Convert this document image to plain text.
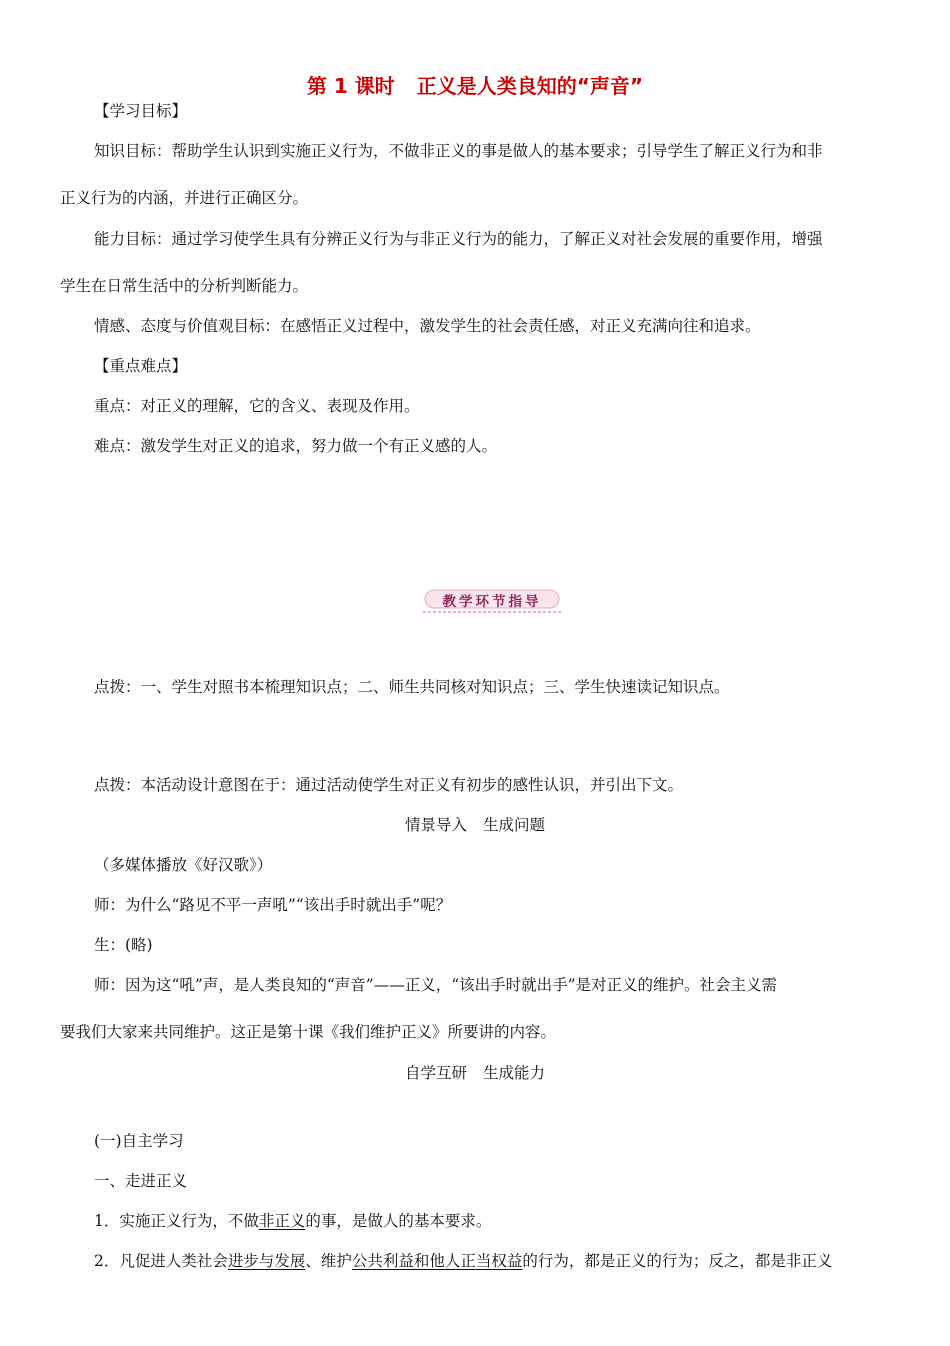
第 1 课时 正义是人类良知的“声音”
【学习目标】
知识目标：帮助学生认识到实施正义行为，不做非正义的事是做人的基本要求；引导学生了解正义行为和非
正义行为的内涵，并进行正确区分。
能力目标：通过学习使学生具有分辨正义行为与非正义行为的能力，了解正义对社会发展的重要作用，增强
学生在日常生活中的分析判断能力。
情感、态度与价值观目标：在感悟正义过程中，激发学生的社会责任感，对正义充满向往和追求。
【重点难点】
重点：对正义的理解，它的含义、表现及作用。
难点：激发学生对正义的追求，努力做一个有正义感的人。
教学环节指导
点拨：一、学生对照书本梳理知识点；二、师生共同核对知识点；三、学生快速读记知识点。
点拨：本活动设计意图在于：通过活动使学生对正义有初步的感性认识，并引出下文。
情景导入 生成问题
（多媒体播放《好汉歌》）
师：为什么“路见不平一声吼”“该出手时就出手”呢？
生：(略)
师：因为这“吼”声，是人类良知的“声音”——正义，“该出手时就出手”是对正义的维护。社会主义需
要我们大家来共同维护。这正是第十课《我们维护正义》所要讲的内容。
自学互研 生成能力
(一)自主学习
一、走进正义
1．实施正义行为，不做非正义的事，是做人的基本要求。
2．凡促进人类社会进步与发展、维护公共利益和他人正当权益的行为，都是正义的行为；反之，都是非正义
